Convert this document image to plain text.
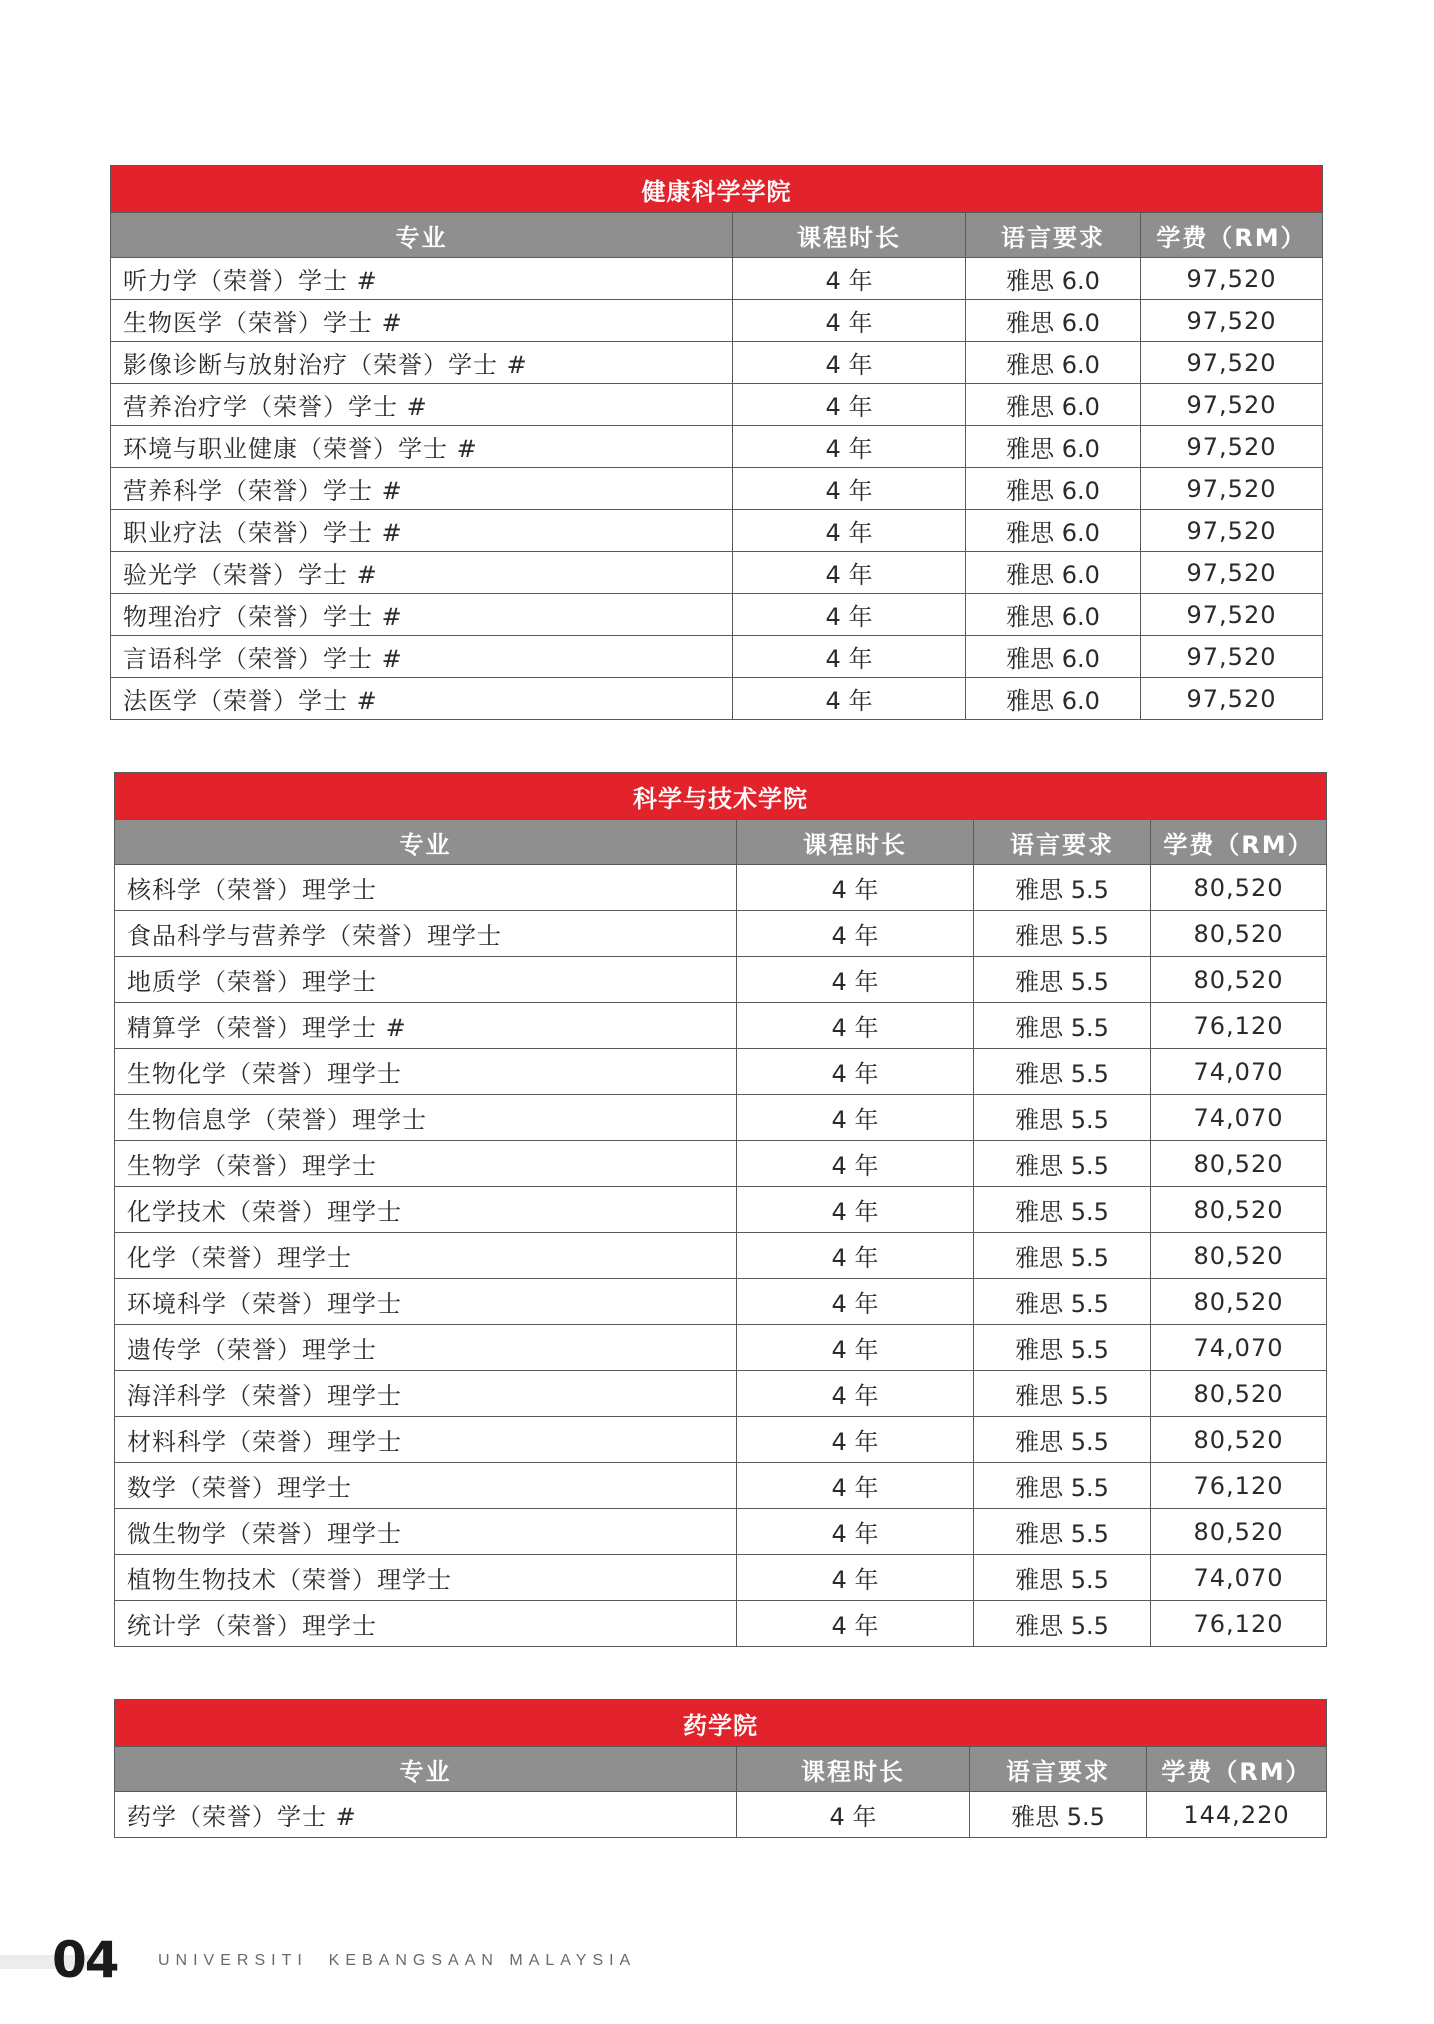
健康科学学院			
专业	课程时长	语言要求	学费（RM）
听力学（荣誉）学士 #	4 年	雅思 6.0	97,520
生物医学（荣誉）学士 #	4 年	雅思 6.0	97,520
影像诊断与放射治疗（荣誉）学士 #	4 年	雅思 6.0	97,520
营养治疗学（荣誉）学士 #	4 年	雅思 6.0	97,520
环境与职业健康（荣誉）学士 #	4 年	雅思 6.0	97,520
营养科学（荣誉）学士 #	4 年	雅思 6.0	97,520
职业疗法（荣誉）学士 #	4 年	雅思 6.0	97,520
验光学（荣誉）学士 #	4 年	雅思 6.0	97,520
物理治疗（荣誉）学士 #	4 年	雅思 6.0	97,520
言语科学（荣誉）学士 #	4 年	雅思 6.0	97,520
法医学（荣誉）学士 #	4 年	雅思 6.0	97,520
科学与技术学院			
专业	课程时长	语言要求	学费（RM）
核科学（荣誉）理学士	4 年	雅思 5.5	80,520
食品科学与营养学（荣誉）理学士	4 年	雅思 5.5	80,520
地质学（荣誉）理学士	4 年	雅思 5.5	80,520
精算学（荣誉）理学士 #	4 年	雅思 5.5	76,120
生物化学（荣誉）理学士	4 年	雅思 5.5	74,070
生物信息学（荣誉）理学士	4 年	雅思 5.5	74,070
生物学（荣誉）理学士	4 年	雅思 5.5	80,520
化学技术（荣誉）理学士	4 年	雅思 5.5	80,520
化学（荣誉）理学士	4 年	雅思 5.5	80,520
环境科学（荣誉）理学士	4 年	雅思 5.5	80,520
遗传学（荣誉）理学士	4 年	雅思 5.5	74,070
海洋科学（荣誉）理学士	4 年	雅思 5.5	80,520
材料科学（荣誉）理学士	4 年	雅思 5.5	80,520
数学（荣誉）理学士	4 年	雅思 5.5	76,120
微生物学（荣誉）理学士	4 年	雅思 5.5	80,520
植物生物技术（荣誉）理学士	4 年	雅思 5.5	74,070
统计学（荣誉）理学士	4 年	雅思 5.5	76,120
药学院			
专业	课程时长	语言要求	学费（RM）
药学（荣誉）学士 #	4 年	雅思 5.5	144,220
04	UNIVERSITI  KEBANGSAAN MALAYSIA
